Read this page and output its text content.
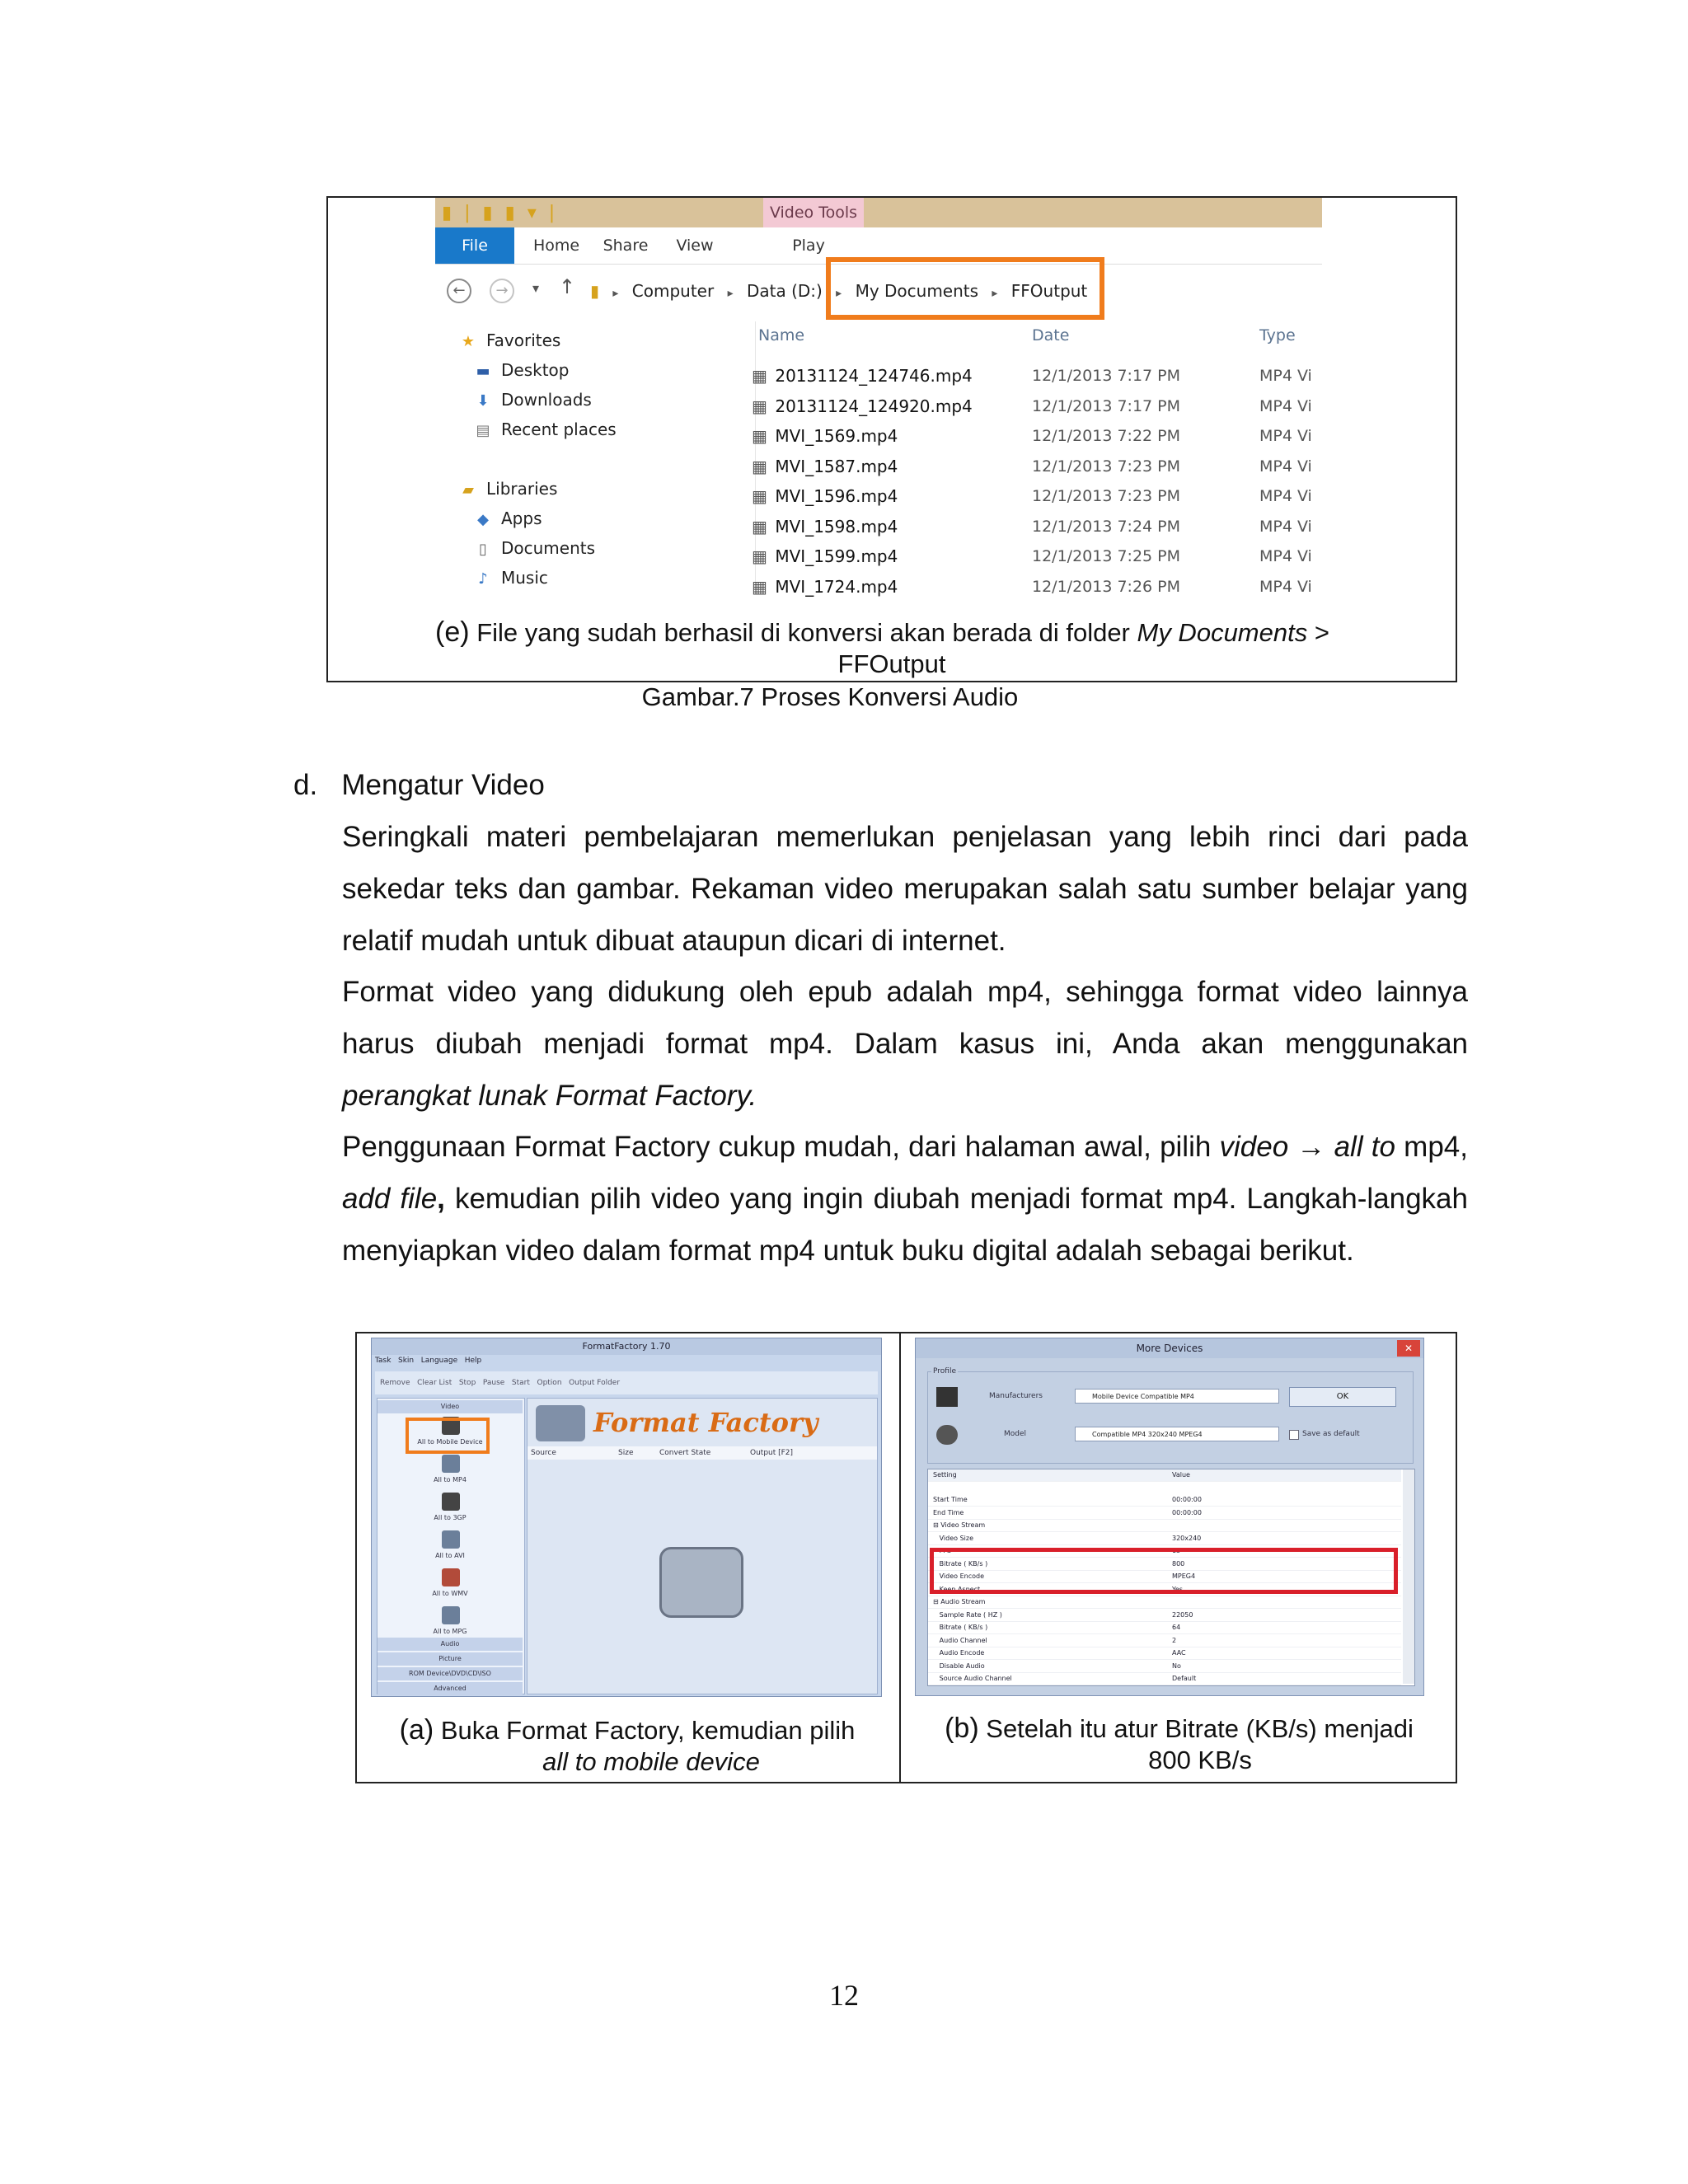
▮ | ▮ ▮ ▾ |	Video Tools
File	Home	Share	View	Play
←	→	▾ ↑ ▮ ▸ Computer ▸ Data (D:) ▸ My Documents ▸ FFOutput
★ Favorites
▬ Desktop
⬇ Downloads
▤ Recent places
▰ Libraries
◆ Apps
▯ Documents
♪ Music
Name	Date	Type
▦ 20131124_124746.mp4	12/1/2013 7:17 PM	MP4 Vi
▦ 20131124_124920.mp4	12/1/2013 7:17 PM	MP4 Vi
▦ MVI_1569.mp4	12/1/2013 7:22 PM	MP4 Vi
▦ MVI_1587.mp4	12/1/2013 7:23 PM	MP4 Vi
▦ MVI_1596.mp4	12/1/2013 7:23 PM	MP4 Vi
▦ MVI_1598.mp4	12/1/2013 7:24 PM	MP4 Vi
▦ MVI_1599.mp4	12/1/2013 7:25 PM	MP4 Vi
▦ MVI_1724.mp4	12/1/2013 7:26 PM	MP4 Vi
(e) File yang sudah berhasil di konversi akan berada di folder My Documents >
FFOutput
Gambar.7 Proses Konversi Audio
d.   Mengatur Video
Seringkali materi pembelajaran memerlukan penjelasan yang lebih rinci dari pada sekedar teks dan gambar. Rekaman video merupakan salah satu sumber belajar yang relatif mudah untuk dibuat ataupun dicari di internet.
Format video yang didukung oleh epub adalah mp4, sehingga format video lainnya harus diubah menjadi format mp4. Dalam kasus ini, Anda akan menggunakan perangkat lunak Format Factory.
Penggunaan Format Factory cukup mudah, dari halaman awal, pilih video → all to mp4, add file, kemudian pilih video yang ingin diubah menjadi format mp4. Langkah-langkah menyiapkan video dalam format mp4 untuk buku digital adalah sebagai berikut.
FormatFactory 1.70
Task   Skin   Language   Help
Remove   Clear List   Stop   Pause   Start   Option   Output Folder
Video
All to Mobile Device
All to MP4
All to 3GP
All to AVI
All to WMV
All to MPG
Audio
Picture
ROM Device\DVD\CD\ISO
Advanced
Format Factory
Source	Size	Convert State	Output [F2]
More Devices	✕
Profile
Manufacturers	Mobile Device Compatible MP4	OK
Model	Compatible MP4 320x240 MPEG4	Save as default
Setting	Value
Start Time	00:00:00
End Time	00:00:00
⊟ Video Stream
Video Size	320x240
FPS	15
Bitrate ( KB/s )	800
Video Encode	MPEG4
Keep Aspect	Yes
⊟ Audio Stream
Sample Rate ( HZ )	22050
Bitrate ( KB/s )	64
Audio Channel	2
Audio Encode	AAC
Disable Audio	No
Source Audio Channel	Default
(a) Buka Format Factory, kemudian pilih
all to mobile device
(b) Setelah itu atur Bitrate (KB/s) menjadi
800 KB/s
12
